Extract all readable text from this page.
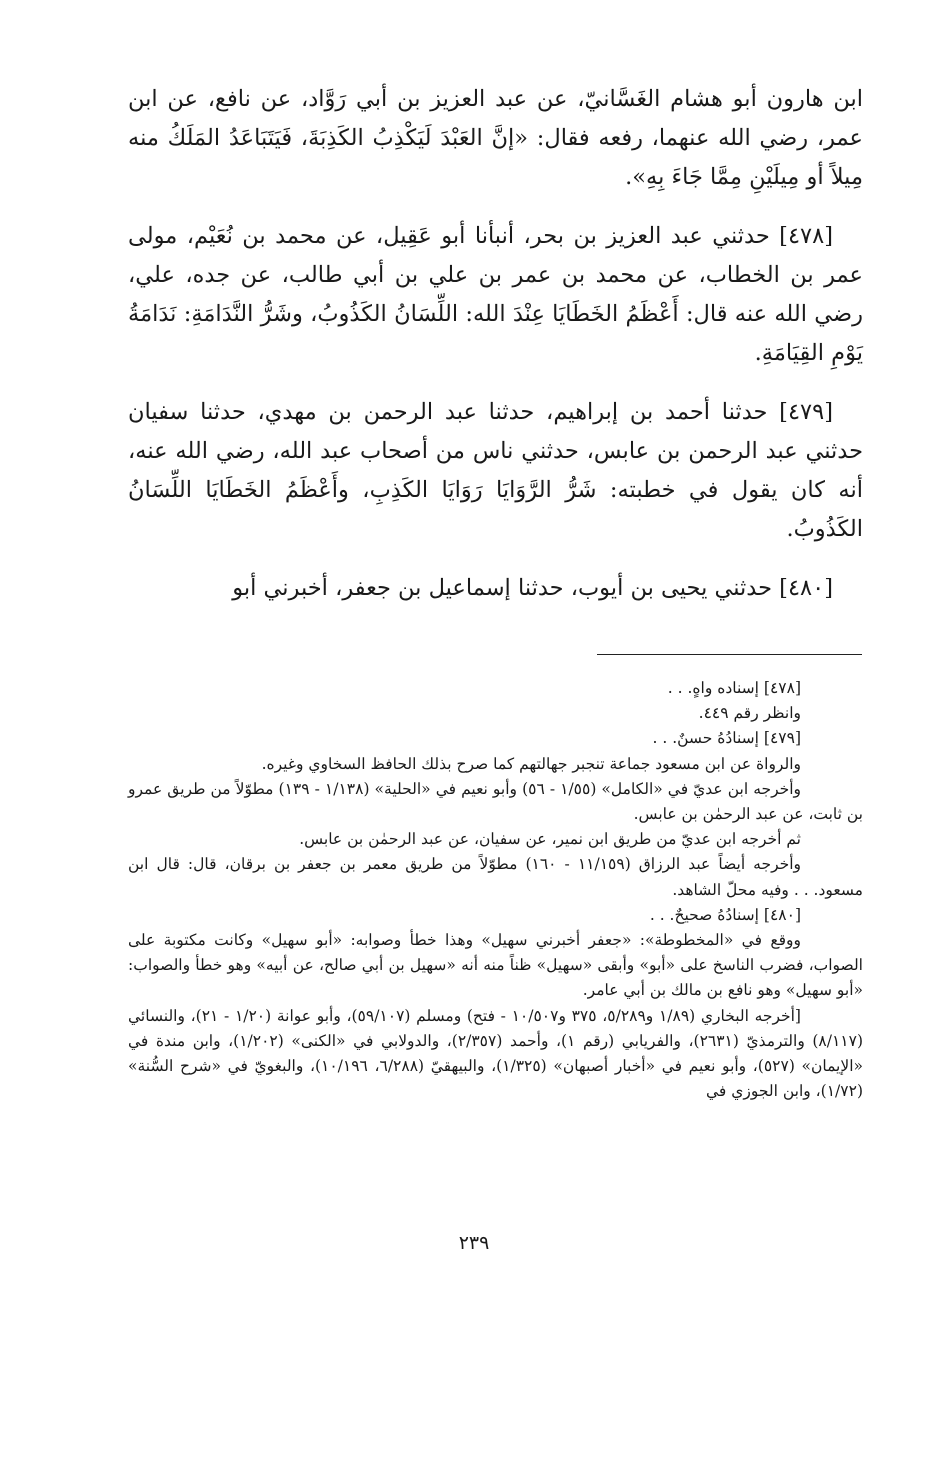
ابن هارون أبو هشام الغَسَّانيّ، عن عبد العزيز بن أبي رَوَّاد، عن نافع، عن ابن عمر، رضي الله عنهما، رفعه فقال: «إنَّ العَبْدَ لَيَكْذِبُ الكَذِبَةَ، فَيَتَبَاعَدُ المَلَكُ منه مِيلاً أو مِيلَيْنِ مِمَّا جَاءَ بِهِ».

[٤٧٨] حدثني عبد العزيز بن بحر، أنبأنا أبو عَقِيل، عن محمد بن نُعَيْم، مولى عمر بن الخطاب، عن محمد بن عمر بن علي بن أبي طالب، عن جده، علي، رضي الله عنه قال: أَعْظَمُ الخَطَايَا عِنْدَ الله: اللِّسَانُ الكَذُوبُ، وشَرُّ النَّدَامَةِ: نَدَامَةُ يَوْمِ القِيَامَةِ.

[٤٧٩] حدثنا أحمد بن إبراهيم، حدثنا عبد الرحمن بن مهدي، حدثنا سفيان حدثني عبد الرحمن بن عابس، حدثني ناس من أصحاب عبد الله، رضي الله عنه، أنه كان يقول في خطبته: شَرُّ الرَّوَايَا رَوَايَا الكَذِبِ، وأَعْظَمُ الخَطَايَا اللِّسَانُ الكَذُوبُ.

[٤٨٠] حدثني يحيى بن أيوب، حدثنا إسماعيل بن جعفر، أخبرني أبو

[٤٧٨] إسناده واهٍ. . .

وانظر رقم ٤٤٩.

[٤٧٩] إسنادُهُ حسنٌ. . .

والرواة عن ابن مسعود جماعة تنجبر جهالتهم كما صرح بذلك الحافظ السخاوي وغيره.

وأخرجه ابن عديّ في «الكامل» (١/٥٥ - ٥٦) وأبو نعيم في «الحلية» (١/١٣٨ - ١٣٩) مطوّلاً من طريق عمرو بن ثابت، عن عبد الرحمٰن بن عابس.

ثم أخرجه ابن عديّ من طريق ابن نمير، عن سفيان، عن عبد الرحمٰن بن عابس.

وأخرجه أيضاً عبد الرزاق (١١/١٥٩ - ١٦٠) مطوّلاً من طريق معمر بن جعفر بن برقان، قال: قال ابن مسعود. . . وفيه محلّ الشاهد.

[٤٨٠] إسنادُهُ صحيحٌ. . .

ووقع في «المخطوطة»: «جعفر أخبرني سهيل» وهذا خطأ وصوابه: «أبو سهيل» وكانت مكتوبة على الصواب، فضرب الناسخ على «أبو» وأبقى «سهيل» ظناً منه أنه «سهيل بن أبي صالح، عن أبيه» وهو خطأ والصواب: «أبو سهيل» وهو نافع بن مالك بن أبي عامر.

[أخرجه البخاري (١/٨٩ و٥/٢٨٩، ٣٧٥ و١٠/٥٠٧ - فتح) ومسلم (٥٩/١٠٧)، وأبو عوانة (١/٢٠ - ٢١)، والنسائي (٨/١١٧) والترمذيّ (٢٦٣١)، والفريابي (رقم ١)، وأحمد (٢/٣٥٧)، والدولابي في «الكنى» (١/٢٠٢)، وابن مندة في «الإيمان» (٥٢٧)، وأبو نعيم في «أخبار أصبهان» (١/٣٢٥)، والبيهقيّ (٦/٢٨٨، ١٠/١٩٦)، والبغويّ في «شرح السُّنة» (١/٧٢)، وابن الجوزي في

٢٣٩
